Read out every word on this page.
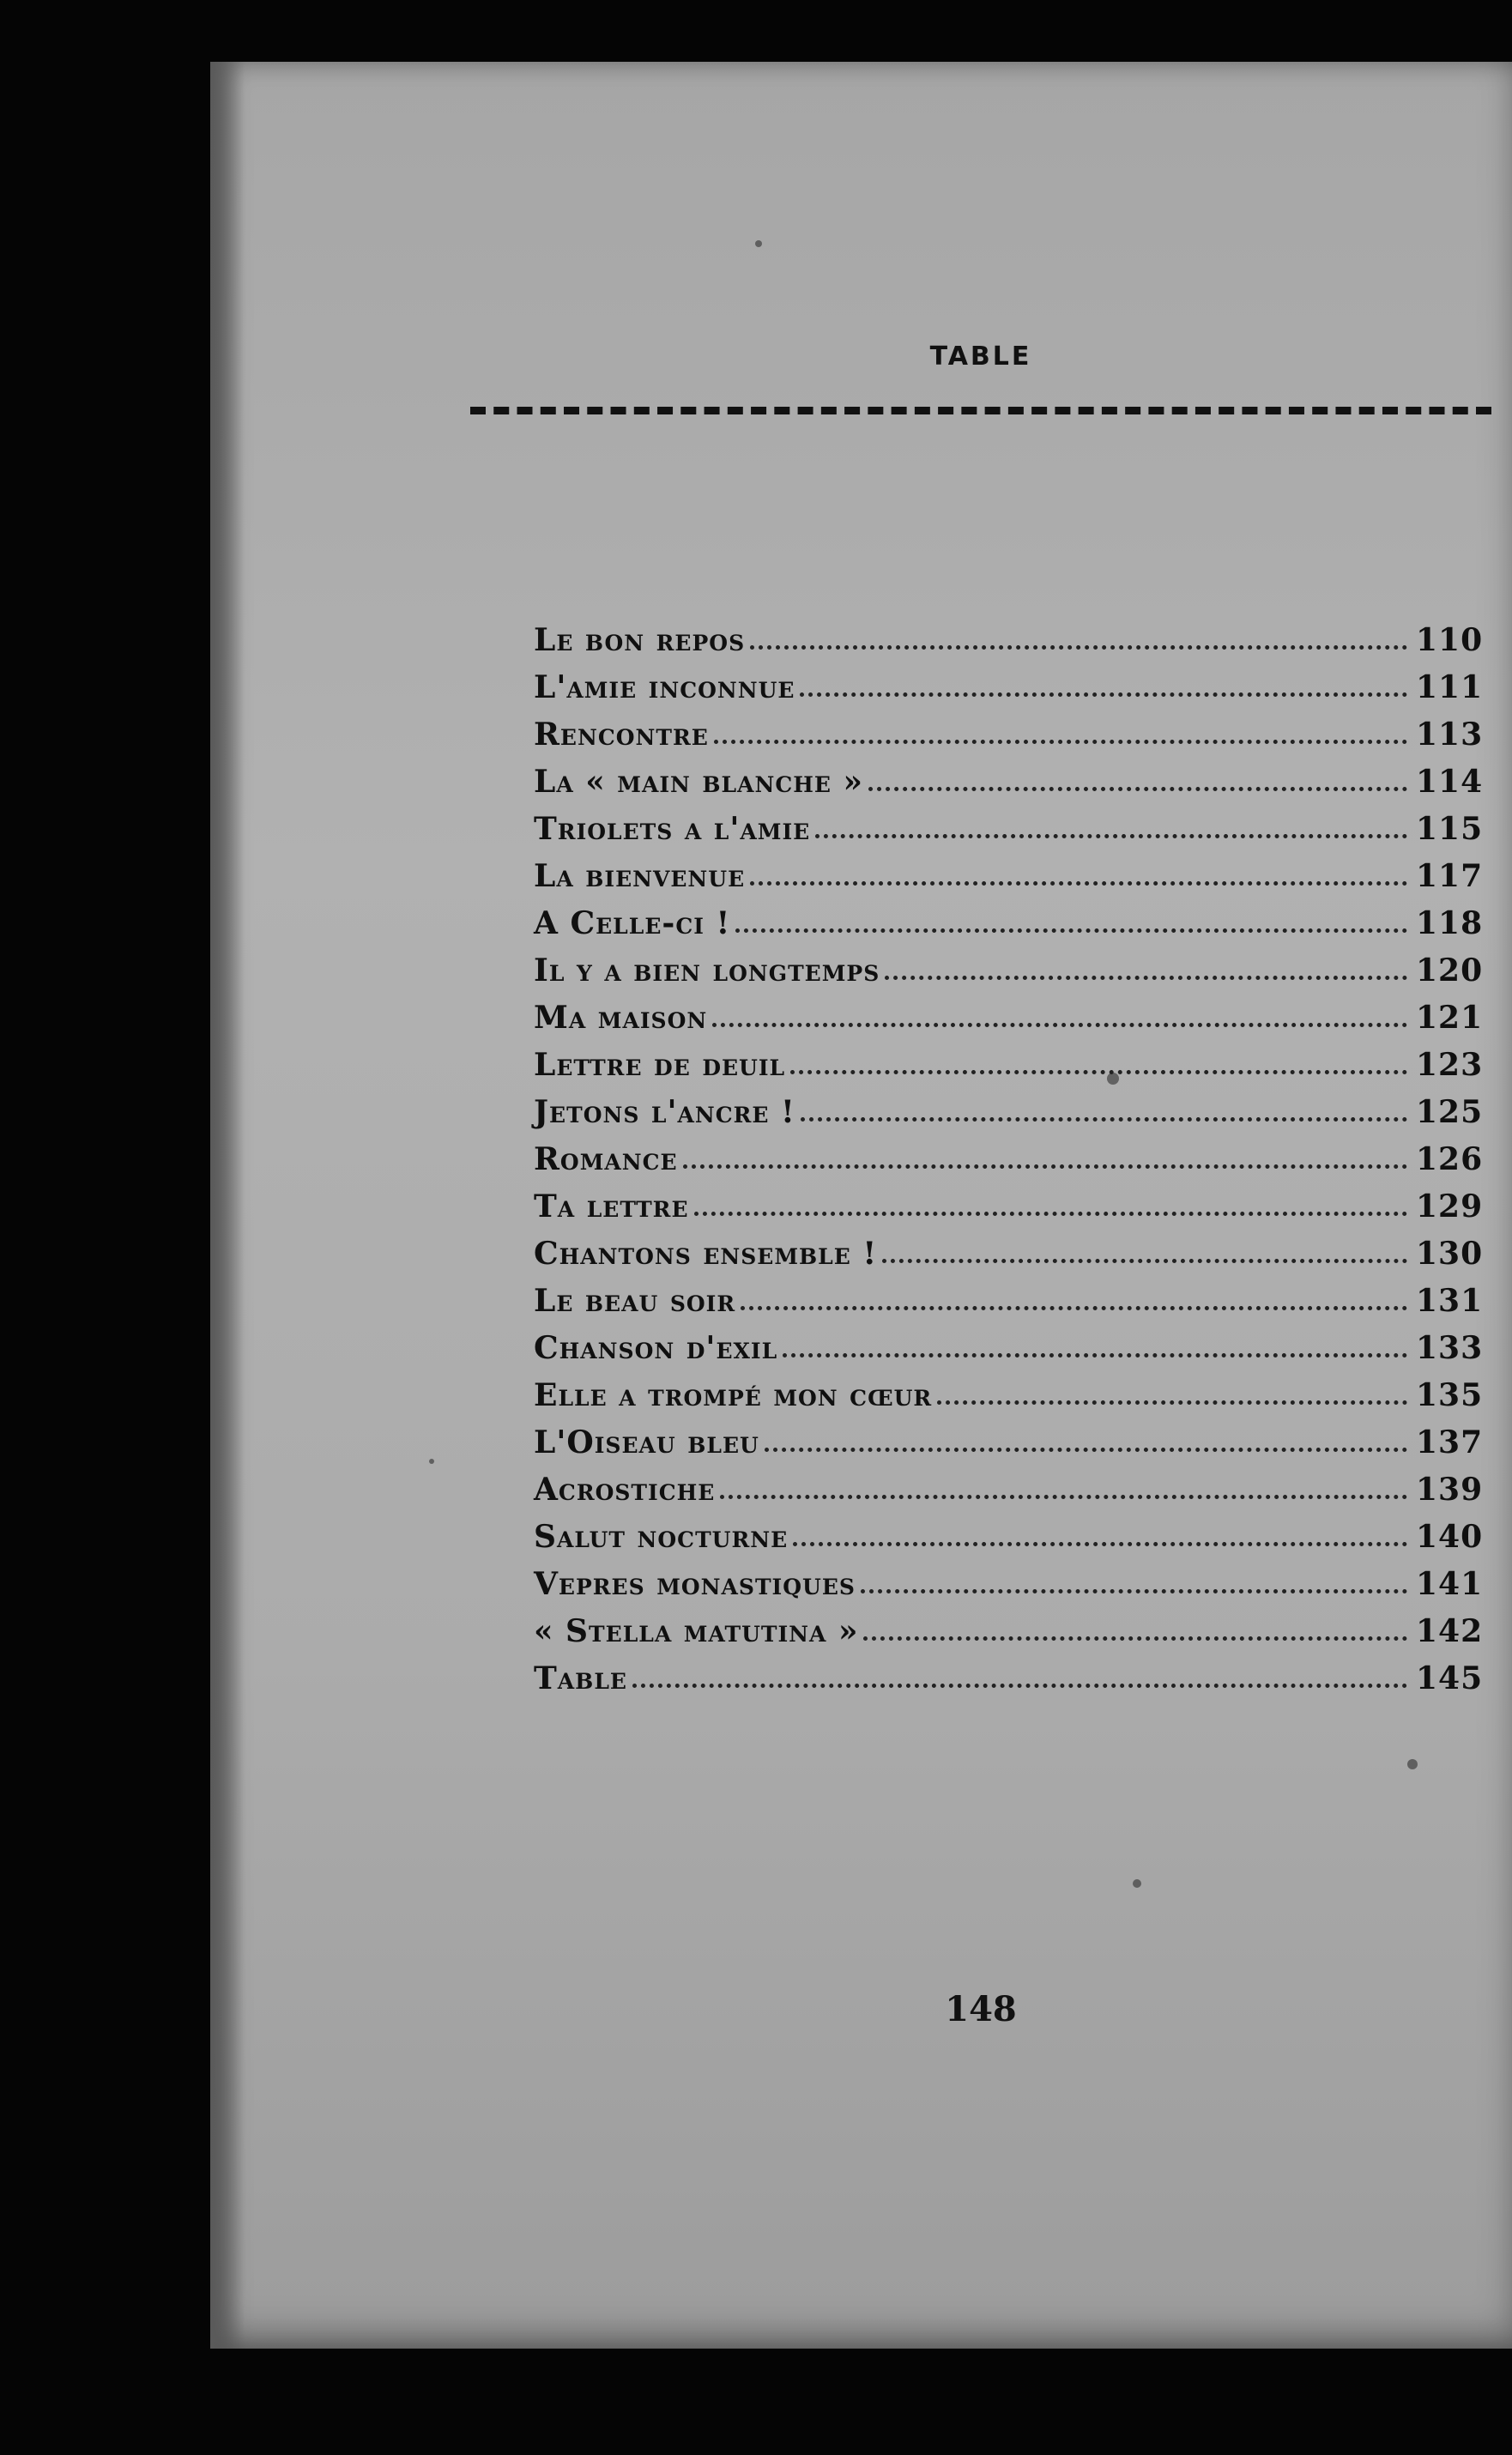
TABLE
Le bon repos	110
L'amie inconnue	111
Rencontre	113
La « main blanche »	114
Triolets a l'amie	115
La bienvenue	117
A Celle-ci !	118
Il y a bien longtemps	120
Ma maison	121
Lettre de deuil	123
Jetons l'ancre !	125
Romance	126
Ta lettre	129
Chantons ensemble !	130
Le beau soir	131
Chanson d'exil	133
Elle a trompé mon cœur	135
L'Oiseau bleu	137
Acrostiche	139
Salut nocturne	140
Vepres monastiques	141
« Stella matutina »	142
Table	145
148
